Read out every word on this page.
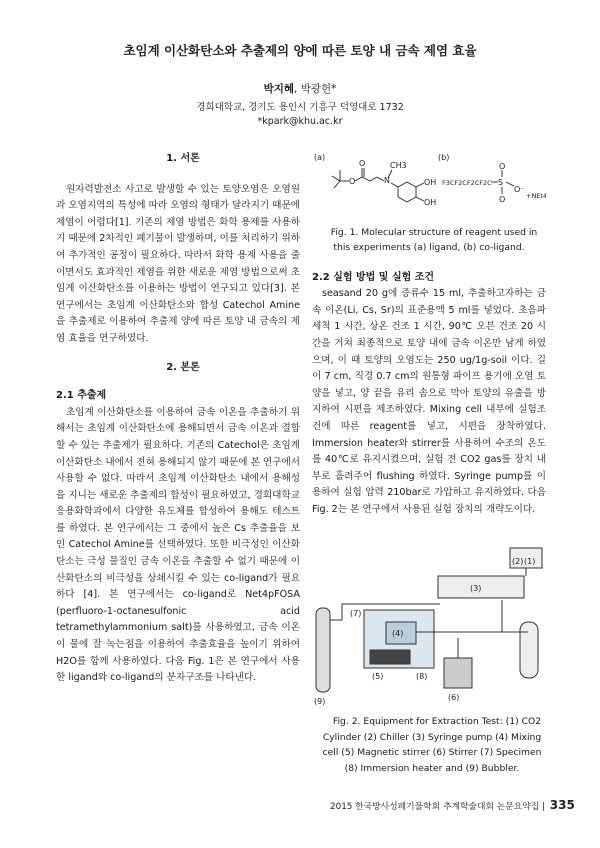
초임계 이산화탄소와 추출제의 양에 따른 토양 내 금속 제염 효율
박지혜, 박광헌*
경희대학교, 경기도 용인시 기흥구 덕영대로 1732
*kpark@khu.ac.kr

1. 서론

원자력발전소 사고로 발생할 수 있는 토양오염은 오염원과 오염지역의 특성에 따라 오염의 형태가 달라지기 때문에 제염이 어렵다[1]. 기존의 제염 방법은 화학 용제를 사용하기 때문에 2차적인 폐기물이 발생하며, 이를 처리하기 위하여 추가적인 공정이 필요하다. 따라서 화학 용제 사용을 줄이면서도 효과적인 제염을 위한 새로운 제염 방법으로써 초임계 이산화탄소를 이용하는 방법이 연구되고 있다[3]. 본 연구에서는 초임계 이산화탄소와 합성 Catechol Amine을 추출제로 이용하여 추출제 양에 따른 토양 내 금속의 제염 효율을 연구하였다.

2. 본론

2.1 추출제

초임계 이산화탄소를 이용하여 금속 이온을 추출하기 위해서는 초임계 이산화탄소에 용해되면서 금속 이온과 결합할 수 있는 추출제가 필요하다. 기존의 Catechol은 초임계 이산화탄소 내에서 전혀 용해되지 않기 때문에 본 연구에서 사용할 수 없다. 따라서 초임계 이산화탄소 내에서 용해성을 지니는 새로운 추출제의 합성이 필요하였고, 경희대학교 응용화학과에서 다양한 유도체를 합성하여 용해도 테스트를 하였다. 본 연구에서는 그 중에서 높은 Cs 추출율을 보인 Catechol Amine를 선택하였다. 또한 비극성인 이산화탄소는 극성 물질인 금속 이온을 추출할 수 없기 때문에 이산화탄소의 비극성을 상쇄시킬 수 있는 co-ligand가 필요하다 [4]. 본 연구에서는 co-ligand로 Net4pFOSA (perfluoro-1-octanesulfonic acid tetramethylammonium salt)를 사용하였고, 금속 이온이 물에 잘 녹는점을 이용하여 추출효율을 높이기 위하여 H2O를 함께 사용하였다. 다음 Fig. 1은 본 연구에서 사용한 ligand와 co-ligand의 분자구조를 나타낸다.

(a)
O
O
N
CH3
OH
OH
(b)
F3CF2CF2CF2C S
O
O
O⁻
+NEt4

Fig. 1. Molecular structure of reagent used in this experiments (a) ligand, (b) co-ligand.

2.2 실험 방법 및 실험 조건

seasand 20 g에 증류수 15 ml, 추출하고자하는 금속 이온(Li, Cs, Sr)의 표준용액 5 ml를 넣었다. 초음파 세척 1 시간, 상온 건조 1 시간, 90℃ 오븐 건조 20 시간을 거쳐 최종적으로 토양 내에 금속 이온만 남게 하였으며, 이 때 토양의 오염도는 250 ug/1g-soil 이다. 길이 7 cm, 직경 0.7 cm의 원통형 파이프 용기에 오염 토양을 넣고, 양 끝을 유리 솜으로 막아 토양의 유출을 방지하여 시편을 제조하였다. Mixing cell 내부에 실험조건에 따른 reagent를 넣고, 시편을 장착하였다. Immersion heater와 stirrer를 사용하여 수조의 온도를 40℃로 유지시켰으며, 실험 전 CO2 gas를 장치 내부로 흘려주어 flushing 하였다. Syringe pump를 이용하여 실험 압력 210bar로 가압하고 유지하였다. 다음 Fig. 2는 본 연구에서 사용된 실험 장치의 개략도이다.

(1)
(2)
(3)
(4)
(5)
(6)
(7)
(8)
(9)

Fig. 2. Equipment for Extraction Test: (1) CO2 Cylinder (2) Chiller (3) Syringe pump (4) Mixing cell (5) Magnetic stirrer (6) Stirrer (7) Specimen (8) Immersion heater and (9) Bubbler.

2015 한국방사성폐기물학회 추계학술대회 논문요약집 | 335
